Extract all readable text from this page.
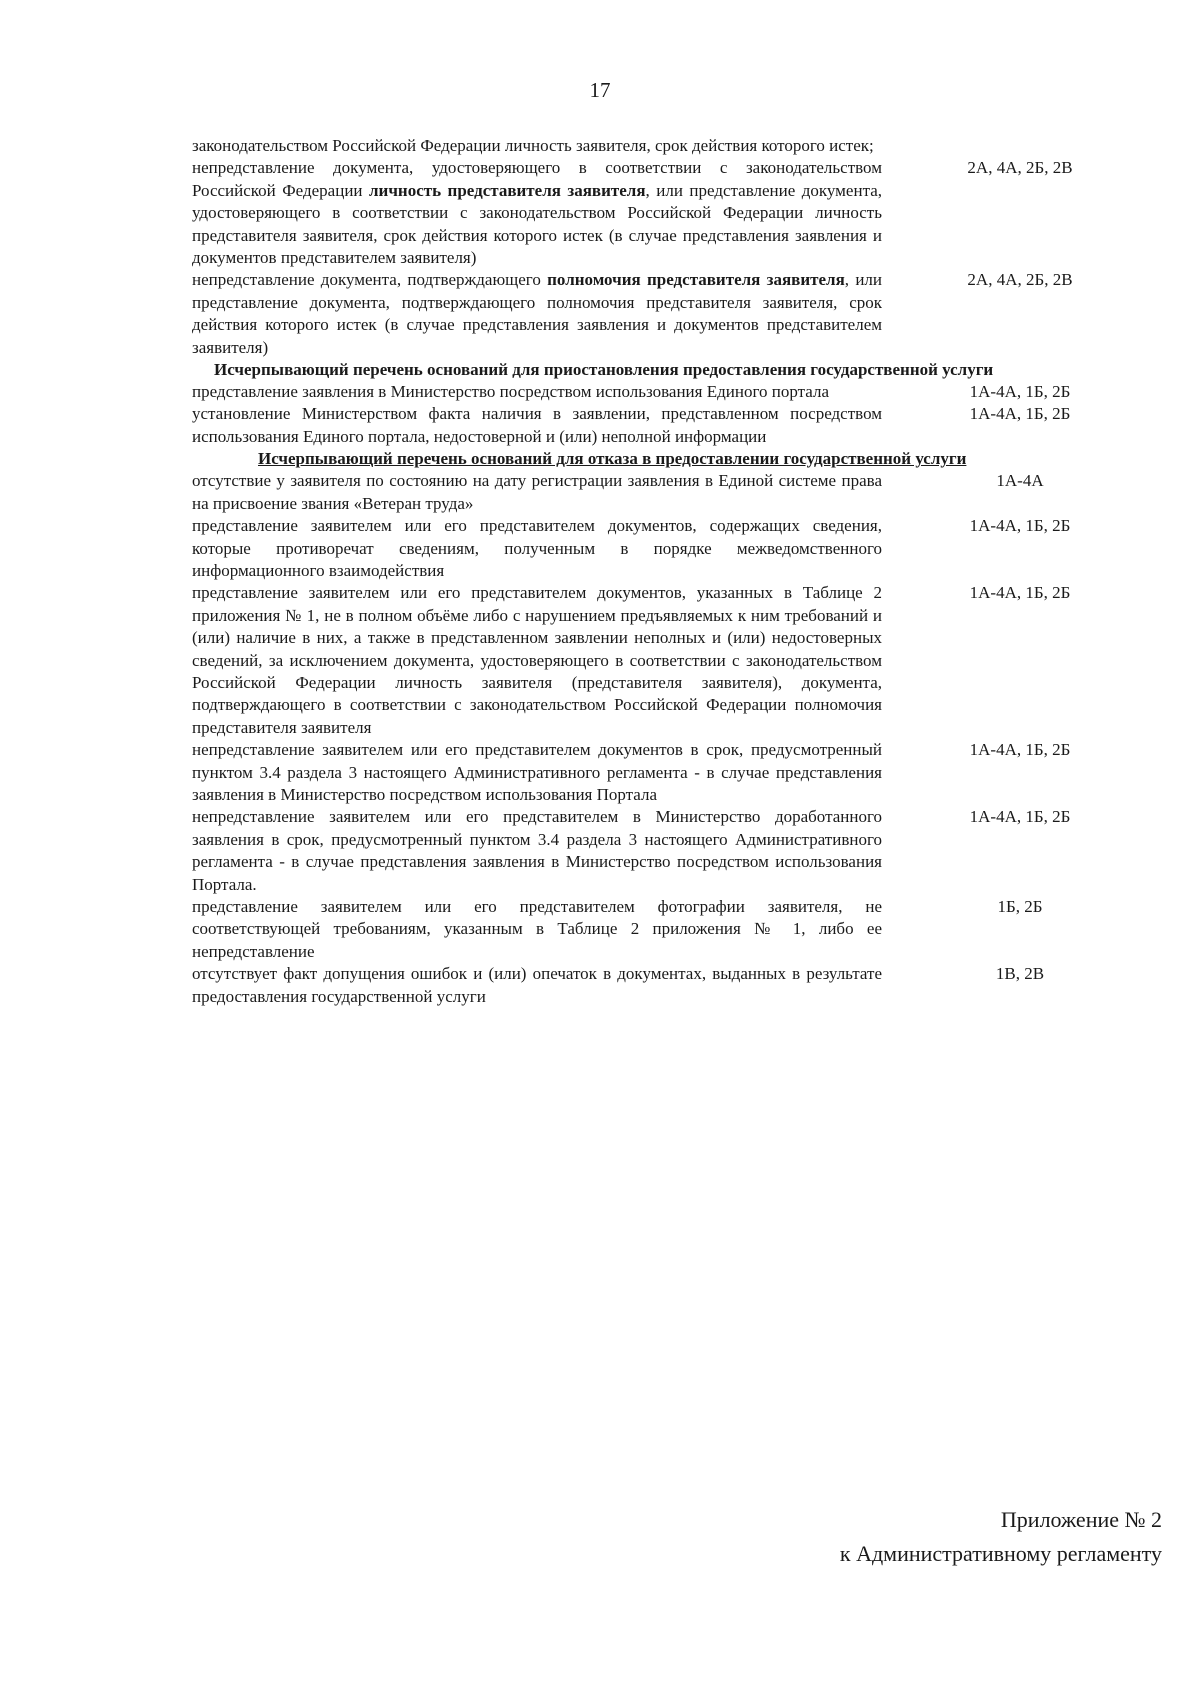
17
законодательством Российской Федерации личность заявителя, срок действия которого истек;
непредставление документа, удостоверяющего в соответствии с законодательством Российской Федерации личность представителя заявителя, или представление документа, удостоверяющего в соответствии с законодательством Российской Федерации личность представителя заявителя, срок действия которого истек (в случае представления заявления и документов представителем заявителя)
2А, 4А, 2Б, 2В
непредставление документа, подтверждающего полномочия представителя заявителя, или представление документа, подтверждающего полномочия представителя заявителя, срок действия которого истек (в случае представления заявления и документов представителем заявителя)
2А, 4А, 2Б, 2В
Исчерпывающий перечень оснований для приостановления предоставления государственной услуги
представление заявления в Министерство посредством использования Единого портала	1А-4А, 1Б, 2Б
установление Министерством факта наличия в заявлении, представленном посредством использования Единого портала, недостоверной и (или) неполной информации
1А-4А, 1Б, 2Б
Исчерпывающий перечень оснований для отказа в предоставлении государственной услуги
отсутствие у заявителя по состоянию на дату регистрации заявления в Единой системе права на присвоение звания «Ветеран труда»
1А-4А
представление заявителем или его представителем документов, содержащих сведения, которые противоречат сведениям, полученным в порядке межведомственного информационного взаимодействия
1А-4А, 1Б, 2Б
представление заявителем или его представителем документов, указанных в Таблице 2 приложения № 1, не в полном объёме либо с нарушением предъявляемых к ним требований и (или) наличие в них, а также в представленном заявлении неполных и (или) недостоверных сведений, за исключением документа, удостоверяющего в соответствии с законодательством Российской Федерации личность заявителя (представителя заявителя), документа, подтверждающего в соответствии с законодательством Российской Федерации полномочия представителя заявителя
1А-4А, 1Б, 2Б
непредставление заявителем или его представителем документов в срок, предусмотренный пунктом 3.4 раздела 3 настоящего Административного регламента - в случае представления заявления в Министерство посредством использования Портала
1А-4А, 1Б, 2Б
непредставление заявителем или его представителем в Министерство доработанного заявления в срок, предусмотренный пунктом 3.4 раздела 3 настоящего Административного регламента - в случае представления заявления в Министерство посредством использования Портала.
1А-4А, 1Б, 2Б
представление заявителем или его представителем фотографии заявителя, не соответствующей требованиям, указанным в Таблице 2 приложения № 1, либо ее непредставление
1Б, 2Б
отсутствует факт допущения ошибок и (или) опечаток в документах, выданных в результате предоставления государственной услуги
1В, 2В
Приложение № 2
к Административному регламенту
